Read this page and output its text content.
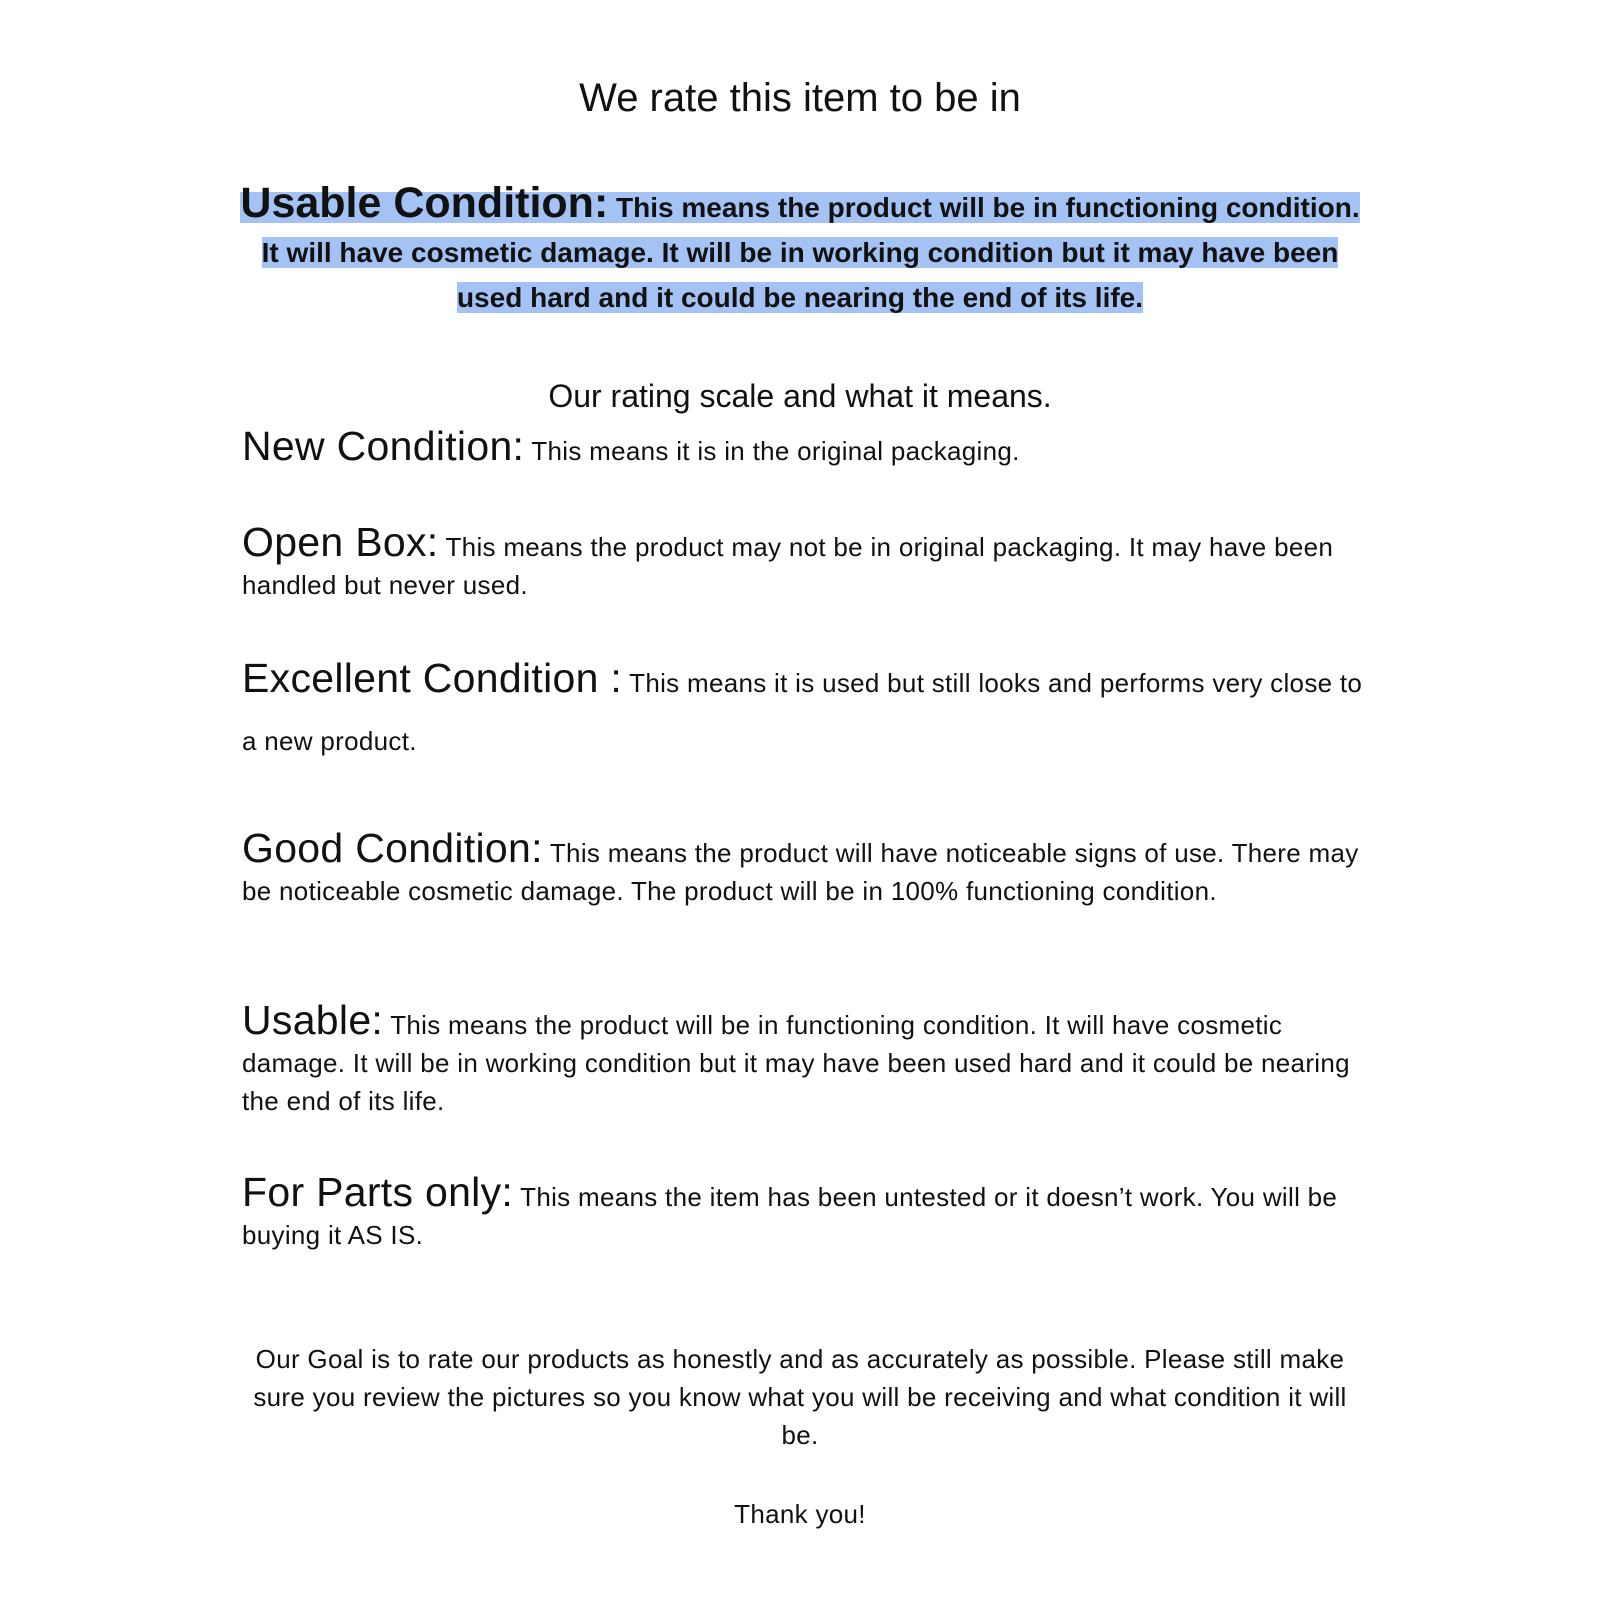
We rate this item to be in
Usable Condition: This means the product will be in functioning condition. It will have cosmetic damage. It will be in working condition but it may have been used hard and it could be nearing the end of its life.
Our rating scale and what it means.
New Condition: This means it is in the original packaging.
Open Box: This means the product may not be in original packaging. It may have been handled but never used.
Excellent Condition : This means it is used but still looks and performs very close to a new product.
Good Condition: This means the product will have noticeable signs of use. There may be noticeable cosmetic damage. The product will be in 100% functioning condition.
Usable: This means the product will be in functioning condition. It will have cosmetic damage. It will be in working condition but it may have been used hard and it could be nearing the end of its life.
For Parts only: This means the item has been untested or it doesn’t work. You will be buying it AS IS.
Our Goal is to rate our products as honestly and as accurately as possible. Please still make sure you review the pictures so you know what you will be receiving and what condition it will be.
Thank you!
